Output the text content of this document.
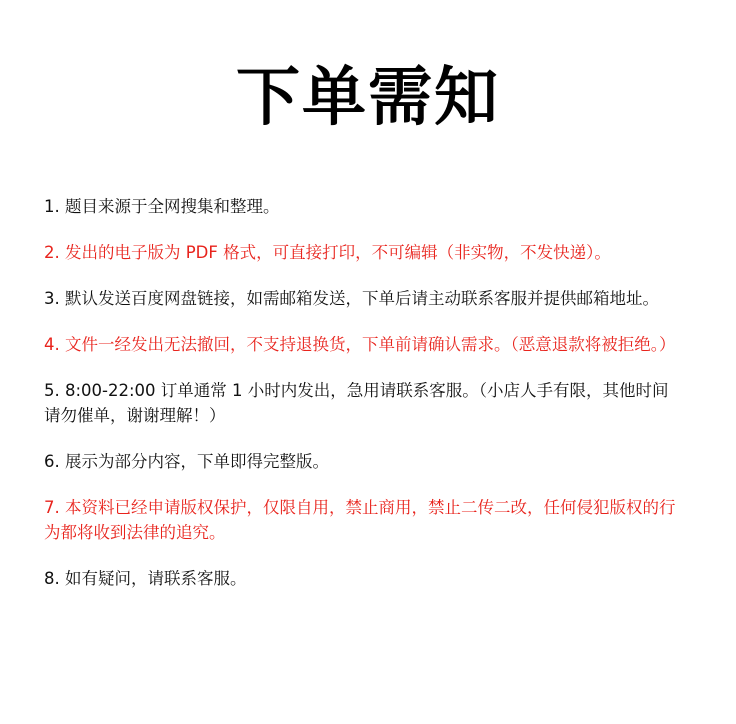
下单需知
1. 题目来源于全网搜集和整理。
2. 发出的电子版为 PDF 格式，可直接打印，不可编辑（非实物，不发快递）。
3. 默认发送百度网盘链接，如需邮箱发送，下单后请主动联系客服并提供邮箱地址。
4. 文件一经发出无法撤回，不支持退换货，下单前请确认需求。（恶意退款将被拒绝。）
5. 8:00-22:00 订单通常 1 小时内发出，急用请联系客服。（小店人手有限，其他时间请勿催单，谢谢理解！）
6. 展示为部分内容，下单即得完整版。
7. 本资料已经申请版权保护，仅限自用，禁止商用，禁止二传二改，任何侵犯版权的行为都将收到法律的追究。
8. 如有疑问，请联系客服。
